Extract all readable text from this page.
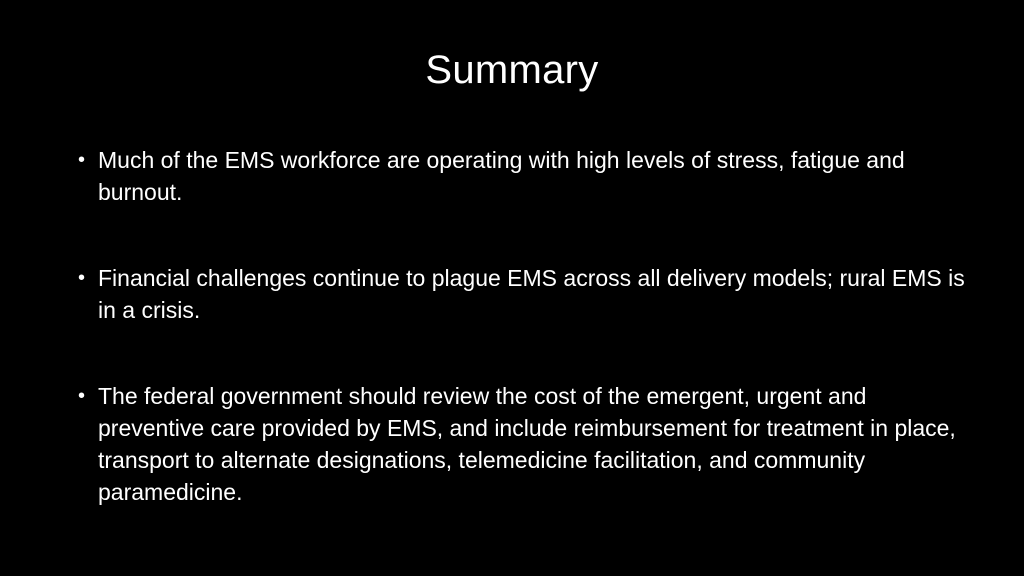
Summary
• Much of the EMS workforce are operating with high levels of stress, fatigue and burnout.
• Financial challenges continue to plague EMS across all delivery models; rural EMS is in a crisis.
• The federal government should review the cost of the emergent, urgent and preventive care provided by EMS, and include reimbursement for treatment in place, transport to alternate designations, telemedicine facilitation, and community paramedicine.
